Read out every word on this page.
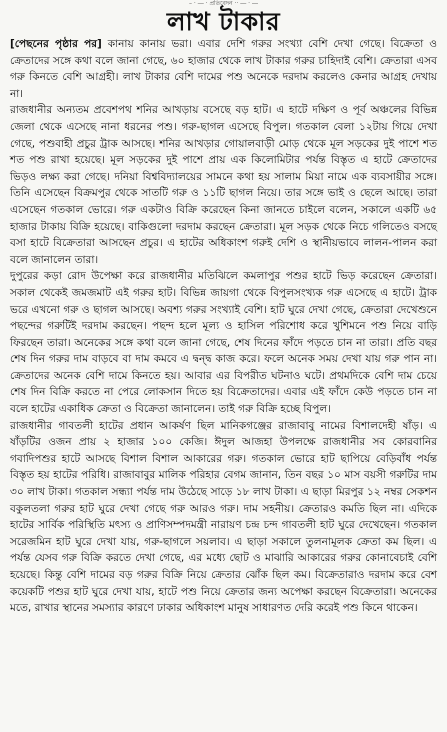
– · ― · প্রতিবেদন ·· ― · ―
লাখ টাকার

[পেছনের পৃষ্ঠার পর] কানায় কানায় ভরা। এবার দেশি গরুর সংখ্যা বেশি দেখা গেছে। বিক্রেতা ও ক্রেতাদের সঙ্গে কথা বলে জানা গেছে, ৬০ হাজার থেকে লাখ টাকার গরুর চাহিদাই বেশি। ক্রেতারা এসব গরু কিনতে বেশি আগ্রহী। লাখ টাকার বেশি দামের পশু অনেকে দরদাম করলেও কেনার আগ্রহ দেখায় না।

রাজধানীর অন্যতম প্রবেশপথ শনির আখড়ায় বসেছে বড় হাট। এ হাটে দক্ষিণ ও পূর্ব অঞ্চলের বিভিন্ন জেলা থেকে এসেছে নানা ধরনের পশু। গরু-ছাগল এসেছে বিপুল। গতকাল বেলা ১২টায় গিয়ে দেখা গেছে, পশুবাহী প্রচুর ট্রাক আসছে। শনির আখড়ার গোয়ালবাড়ী মোড় থেকে মূল সড়কের দুই পাশে শত শত পশু রাখা হয়েছে। মূল সড়কের দুই পাশে প্রায় এক কিলোমিটার পর্যন্ত বিস্তৃত এ হাটে ক্রেতাদের ভিড়ও লক্ষ্য করা গেছে। দনিয়া বিশ্ববিদ্যালয়ের সামনে কথা হয় সালাম মিয়া নামে এক ব্যবসায়ীর সঙ্গে। তিনি এসেছেন বিক্রমপুর থেকে সাতটি গরু ও ১১টি ছাগল নিয়ে। তার সঙ্গে ভাই ও ছেলে আছে। তারা এসেছেন গতকাল ভোরে। গরু একটাও বিক্রি করেছেন কিনা জানতে চাইলে বলেন, সকালে একটি ৬৫ হাজার টাকায় বিক্রি হয়েছে। বাকিগুলো দরদাম করছেন ক্রেতারা। মূল সড়ক থেকে নিচে গলিতেও বসছে বসা হাটে বিক্রেতারা আসছেন প্রচুর। এ হাটের অধিকাংশ গরুই দেশি ও স্থানীয়ভাবে লালন-পালন করা বলে জানালেন তারা।

দুপুরের কড়া রোদ উপেক্ষা করে রাজধানীর মতিঝিলে কমলাপুর পশুর হাটে ভিড় করেছেন ক্রেতারা। সকাল থেকেই জমজমাট এই গরুর হাট। বিভিন্ন জায়গা থেকে বিপুলসংখ্যক গরু এসেছে এ হাটে। ট্রাক ভরে এখনো গরু ও ছাগল আসছে। অবশ্য গরুর সংখ্যাই বেশি। হাট ঘুরে দেখা গেছে, ক্রেতারা দেখেশুনে পছন্দের গরুটিই দরদাম করছেন। পছন্দ হলে মূল্য ও হাসিল পরিশোধ করে খুশিমনে পশু নিয়ে বাড়ি ফিরছেন তারা। অনেকের সঙ্গে কথা বলে জানা গেছে, শেষ দিনের ফাঁদে পড়তে চান না তারা। প্রতি বছর শেষ দিন গরুর দাম বাড়বে বা দাম কমবে এ দ্বন্দ্ব কাজ করে। ফলে অনেক সময় দেখা যায় গরু পান না। ক্রেতাদের অনেক বেশি দামে কিনতে হয়। আবার এর বিপরীত ঘটনাও ঘটে। প্রথমদিকে বেশি দাম চেয়ে শেষ দিন বিক্রি করতে না পেরে লোকসান দিতে হয় বিক্রেতাদের। এবার এই ফাঁদে কেউ পড়তে চান না বলে হাটের একাধিক ক্রেতা ও বিক্রেতা জানালেন। তাই গরু বিক্রি হচ্ছে বিপুল।

রাজধানীর গাবতলী হাটের প্রধান আকর্ষণ ছিল মানিকগঞ্জের রাজাবাবু নামের বিশালদেহী ষাঁড়। এ ষাঁড়টির ওজন প্রায় ২ হাজার ১০০ কেজি। ঈদুল আজহা উপলক্ষে রাজধানীর সব কোরবানির গবাদিপশুর হাটে আসছে বিশাল বিশাল আকারের গরু। গতকাল ভোরে হাট ছাপিয়ে বেড়িবাঁধ পর্যন্ত বিস্তৃত হয় হাটের পরিধি। রাজাবাবুর মালিক পরিহার বেগম জানান, তিন বছর ১০ মাস বয়সী গরুটির দাম ৩০ লাখ টাকা। গতকাল সন্ধ্যা পর্যন্ত দাম উঠেছে সাড়ে ১৮ লাখ টাকা। এ ছাড়া মিরপুর ১২ নম্বর সেকশন বকুলতলা গরুর হাট ঘুরে দেখা গেছে গরু আরও গরু। দাম সহনীয়। ক্রেতারও কমতি ছিল না। এদিকে হাটের সার্বিক পরিস্থিতি মৎস্য ও প্রাণিসম্পদমন্ত্রী নারায়ণ চন্দ্র চন্দ গাবতলী হাট ঘুরে দেখেছেন। গতকাল সরেজমিন হাট ঘুরে দেখা যায়, গরু-ছাগলে সয়লাব। এ ছাড়া সকালে তুলনামূলক ক্রেতা কম ছিল। এ পর্যন্ত যেসব গরু বিক্রি করতে দেখা গেছে, এর মধ্যে ছোট ও মাঝারি আকারের গরুর কোনাবেচাই বেশি হয়েছে। কিন্তু বেশি দামের বড় গরুর বিক্রি নিয়ে ক্রেতার ঝোঁক ছিল কম। বিক্রেতারাও দরদাম করে বেশ কয়েকটি পশুর হাট ঘুরে দেখা যায়, হাটে পশু নিয়ে ক্রেতার জন্য অপেক্ষা করছেন বিক্রেতারা। অনেকের মতে, রাখার স্থানের সমস্যার কারণে ঢাকার অধিকাংশ মানুষ সাধারণত দেরি করেই পশু কিনে থাকেন।
